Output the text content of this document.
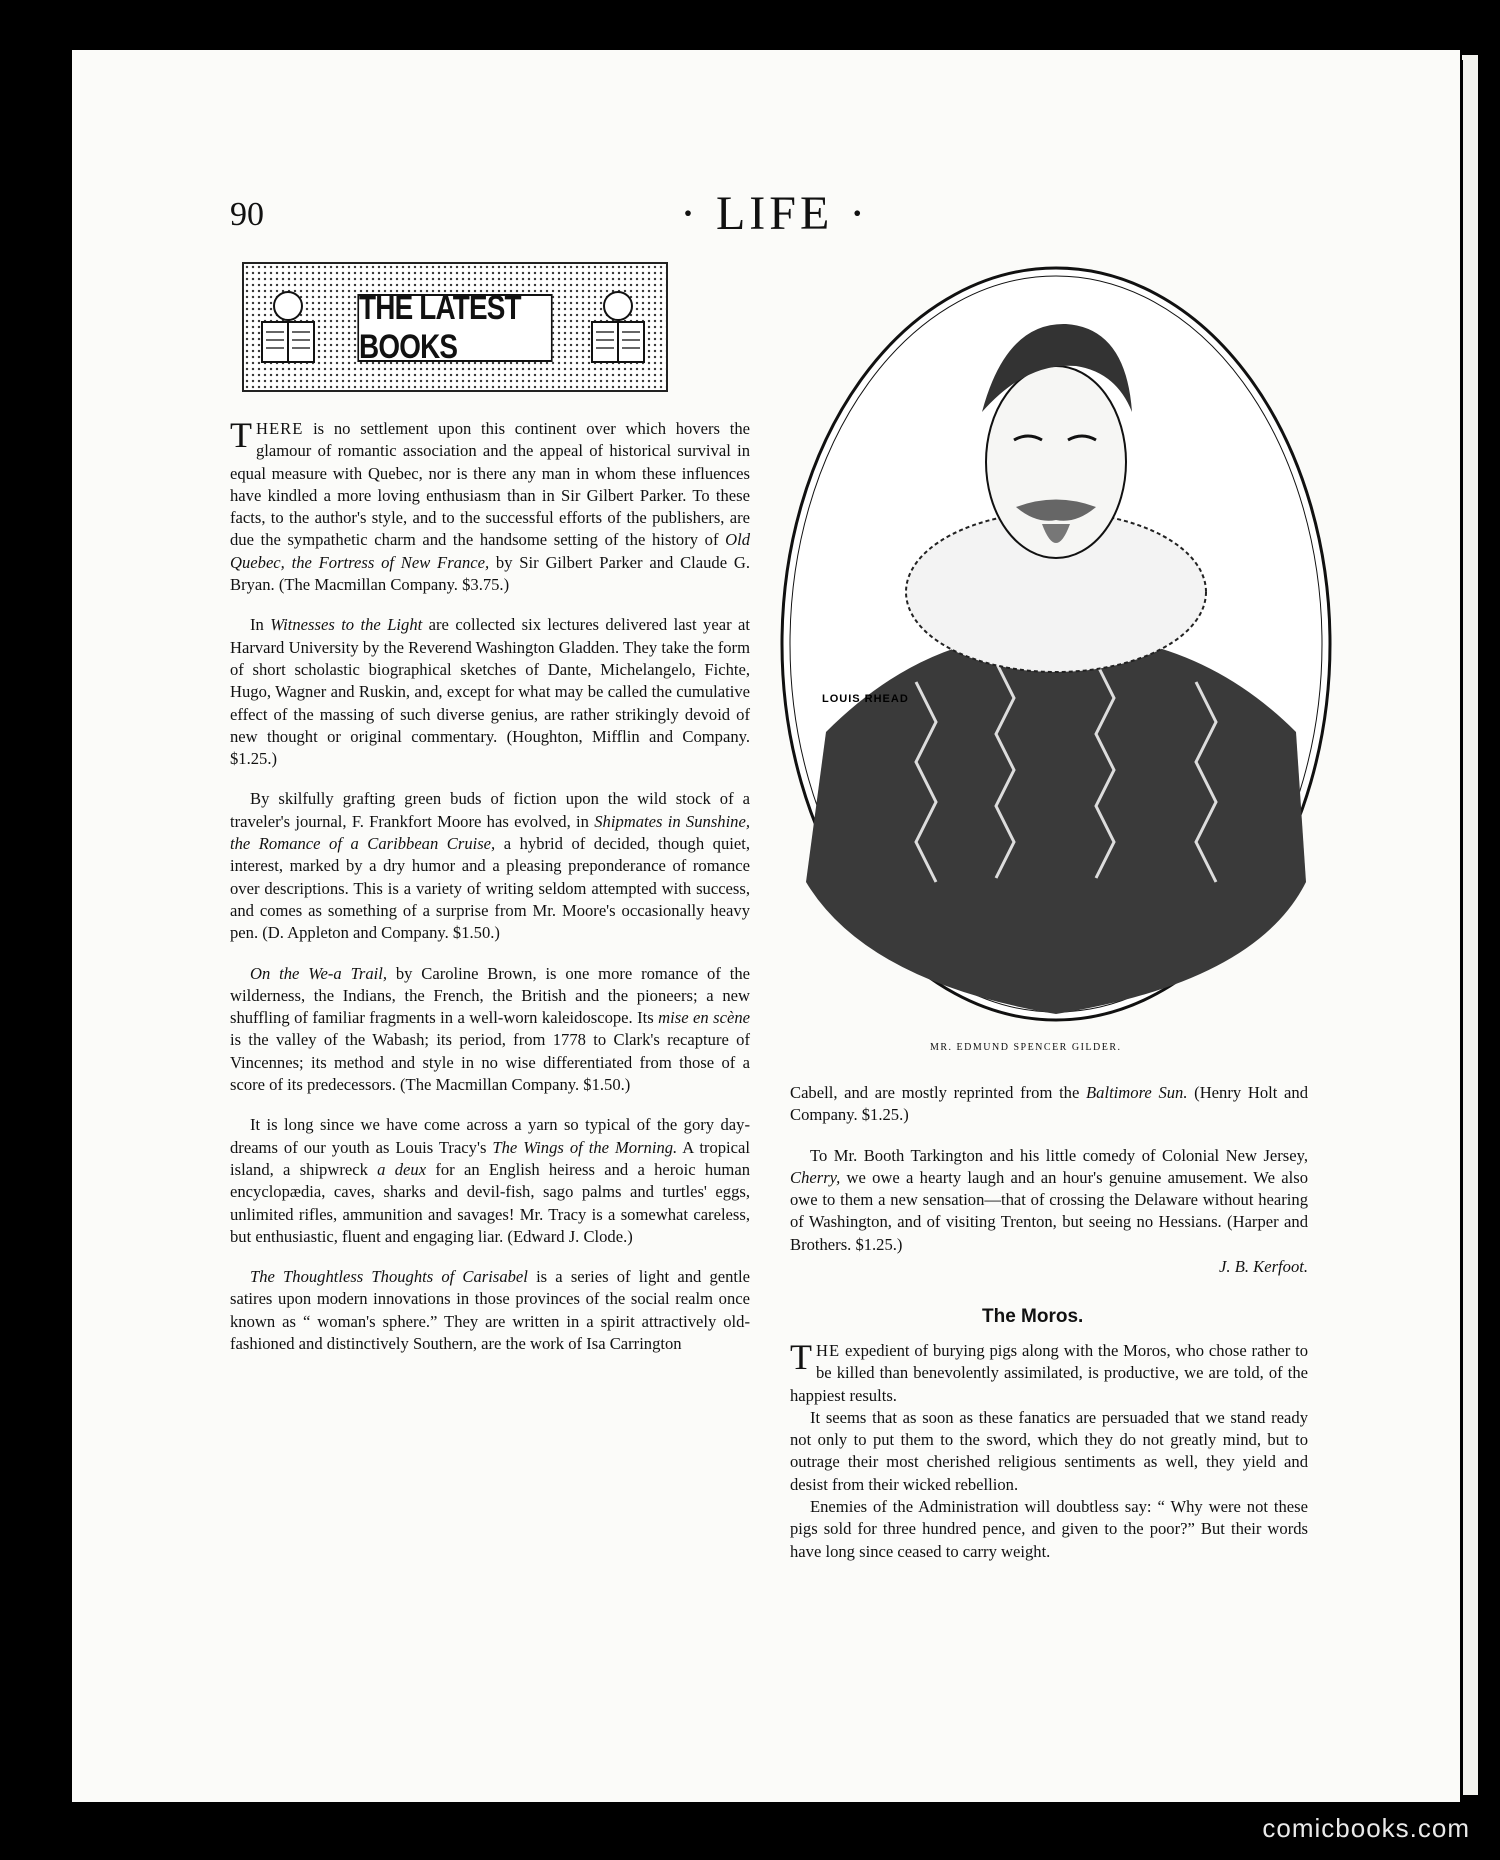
90	· LIFE ·
THE LATEST BOOKS

THERE is no settlement upon this continent over which hovers the glamour of romantic association and the appeal of historical survival in equal measure with Quebec, nor is there any man in whom these influences have kindled a more loving enthusiasm than in Sir Gilbert Parker. To these facts, to the author's style, and to the successful efforts of the publishers, are due the sympathetic charm and the handsome setting of the history of Old Quebec, the Fortress of New France, by Sir Gilbert Parker and Claude G. Bryan. (The Macmillan Company. $3.75.)

In Witnesses to the Light are collected six lectures delivered last year at Harvard University by the Reverend Washington Gladden. They take the form of short scholastic biographical sketches of Dante, Michelangelo, Fichte, Hugo, Wagner and Ruskin, and, except for what may be called the cumulative effect of the massing of such diverse genius, are rather strikingly devoid of new thought or original commentary. (Houghton, Mifflin and Company. $1.25.)

By skilfully grafting green buds of fiction upon the wild stock of a traveler's journal, F. Frankfort Moore has evolved, in Shipmates in Sunshine, the Romance of a Caribbean Cruise, a hybrid of decided, though quiet, interest, marked by a dry humor and a pleasing preponderance of romance over descriptions. This is a variety of writing seldom attempted with success, and comes as something of a surprise from Mr. Moore's occasionally heavy pen. (D. Appleton and Company. $1.50.)

On the We-a Trail, by Caroline Brown, is one more romance of the wilderness, the Indians, the French, the British and the pioneers; a new shuffling of familiar fragments in a well-worn kaleidoscope. Its mise en scène is the valley of the Wabash; its period, from 1778 to Clark's recapture of Vincennes; its method and style in no wise differentiated from those of a score of its predecessors. (The Macmillan Company. $1.50.)

It is long since we have come across a yarn so typical of the gory day-dreams of our youth as Louis Tracy's The Wings of the Morning. A tropical island, a shipwreck a deux for an English heiress and a heroic human encyclopædia, caves, sharks and devil-fish, sago palms and turtles' eggs, unlimited rifles, ammunition and savages! Mr. Tracy is a somewhat careless, but enthusiastic, fluent and engaging liar. (Edward J. Clode.)

The Thoughtless Thoughts of Carisabel is a series of light and gentle satires upon modern innovations in those provinces of the social realm once known as “ woman's sphere.” They are written in a spirit attractively old-fashioned and distinctively Southern, are the work of Isa Carrington

LOUIS RHEAD
MR. EDMUND SPENCER GILDER.

Cabell, and are mostly reprinted from the Baltimore Sun. (Henry Holt and Company. $1.25.)

To Mr. Booth Tarkington and his little comedy of Colonial New Jersey, Cherry, we owe a hearty laugh and an hour's genuine amusement. We also owe to them a new sensation—that of crossing the Delaware without hearing of Washington, and of visiting Trenton, but seeing no Hessians. (Harper and Brothers. $1.25.)

J. B. Kerfoot.

The Moros.

THE expedient of burying pigs along with the Moros, who chose rather to be killed than benevolently assimilated, is productive, we are told, of the happiest results.

It seems that as soon as these fanatics are persuaded that we stand ready not only to put them to the sword, which they do not greatly mind, but to outrage their most cherished religious sentiments as well, they yield and desist from their wicked rebellion.

Enemies of the Administration will doubtless say: “ Why were not these pigs sold for three hundred pence, and given to the poor?” But their words have long since ceased to carry weight.

comicbooks.com
